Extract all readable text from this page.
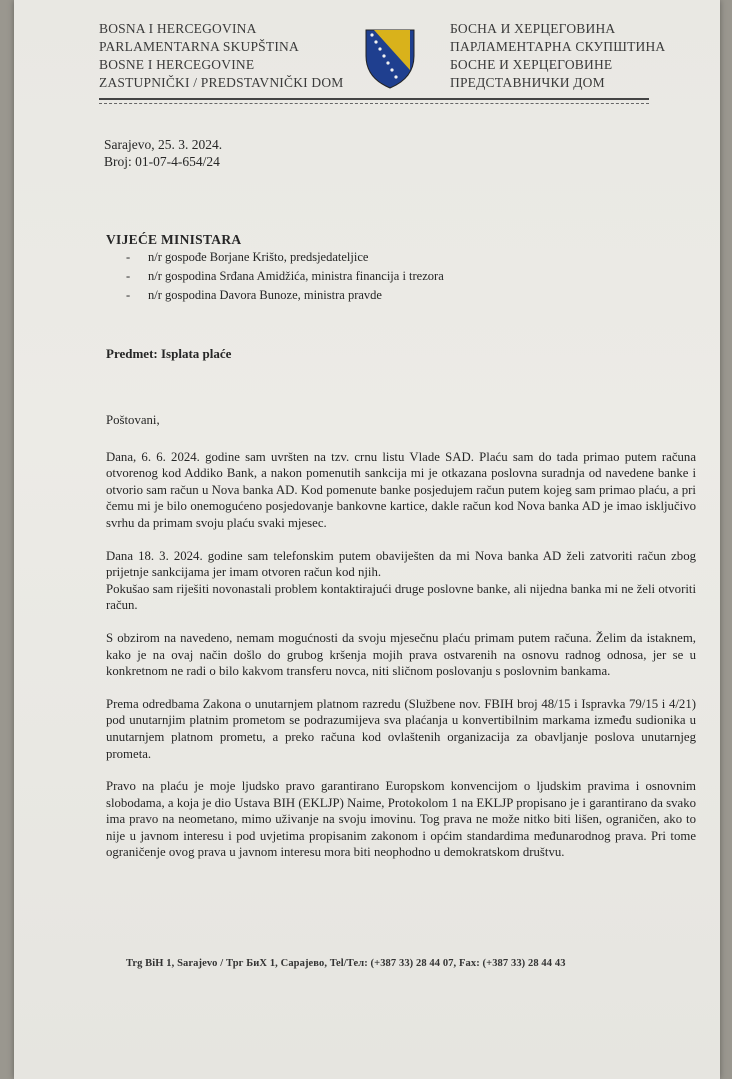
BOSNA I HERCEGOVINA
PARLAMENTARNA SKUPŠTINA
BOSNE I HERCEGOVINE
ZASTUPNIČKI / PREDSTAVNIČKI DOM
БОСНА И ХЕРЦЕГОВИНА
ПАРЛАМЕНТАРНА СКУПШТИНА
БОСНЕ И ХЕРЦЕГОВИНЕ
ПРЕДСТАВНИЧКИ ДОМ
Sarajevo, 25. 3. 2024.
Broj: 01-07-4-654/24
VIJEĆE MINISTARA
- n/r gospođe Borjane Krišto, predsjedateljice
- n/r gospodina Srđana Amidžića, ministra financija i trezora
- n/r gospodina Davora Bunoze, ministra pravde
Predmet: Isplata plaće

Poštovani,

Dana, 6. 6. 2024. godine sam uvršten na tzv. crnu listu Vlade SAD. Plaću sam do tada primao putem računa otvorenog kod Addiko Bank, a nakon pomenutih sankcija mi je otkazana poslovna suradnja od navedene banke i otvorio sam račun u Nova banka AD. Kod pomenute banke posjedujem račun putem kojeg sam primao plaću, a pri čemu mi je bilo onemogućeno posjedovanje bankovne kartice, dakle račun kod Nova banka AD je imao isključivo svrhu da primam svoju plaću svaki mjesec.

Dana 18. 3. 2024. godine sam telefonskim putem obaviješten da mi Nova banka AD želi zatvoriti račun zbog prijetnje sankcijama jer imam otvoren račun kod njih.

Pokušao sam riješiti novonastali problem kontaktirajući druge poslovne banke, ali nijedna banka mi ne želi otvoriti račun.

S obzirom na navedeno, nemam mogućnosti da svoju mjesečnu plaću primam putem računa. Želim da istaknem, kako je na ovaj način došlo do grubog kršenja mojih prava ostvarenih na osnovu radnog odnosa, jer se u konkretnom ne radi o bilo kakvom transferu novca, niti sličnom poslovanju s poslovnim bankama.

Prema odredbama Zakona o unutarnjem platnom razredu (Službene nov. FBIH broj 48/15 i Ispravka 79/15 i 4/21) pod unutarnjim platnim prometom se podrazumijeva sva plaćanja u konvertibilnim markama između sudionika u unutarnjem platnom prometu, a preko računa kod ovlaštenih organizacija za obavljanje poslova unutarnjeg prometa.

Pravo na plaću je moje ljudsko pravo garantirano Europskom konvencijom o ljudskim pravima i osnovnim slobodama, a koja je dio Ustava BIH (EKLJP) Naime, Protokolom 1 na EKLJP propisano je i garantirano da svako ima pravo na neometano, mimo uživanje na svoju imovinu. Tog prava ne može nitko biti lišen, ograničen, ako to nije u javnom interesu i pod uvjetima propisanim zakonom i općim standardima međunarodnog prava. Pri tome ograničenje ovog prava u javnom interesu mora biti neophodno u demokratskom društvu.

Trg BiH 1, Sarajevo / Трг БиХ 1, Сарајево, Tel/Тел: (+387 33) 28 44 07, Fax: (+387 33) 28 44 43
